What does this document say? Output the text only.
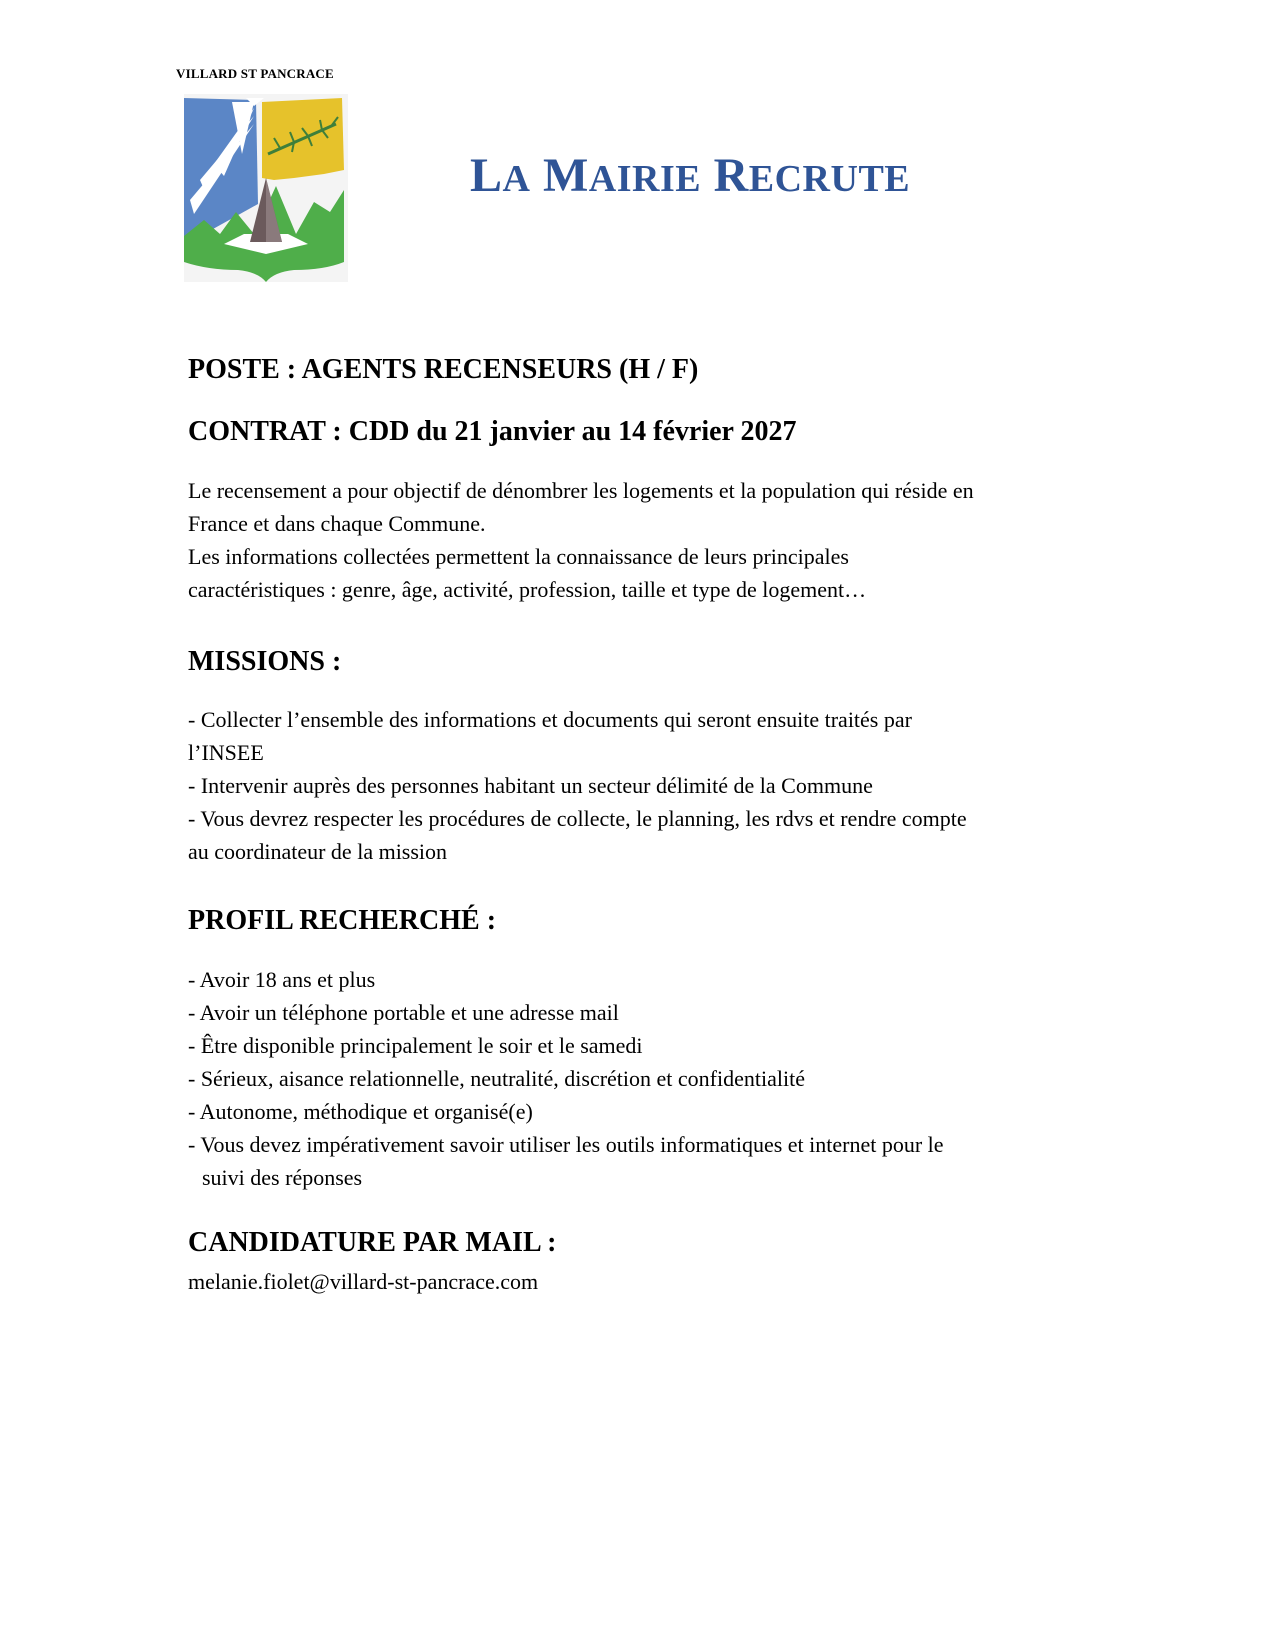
VILLARD ST PANCRACE
LA MAIRIE RECRUTE
POSTE : AGENTS RECENSEURS (H / F)
CONTRAT : CDD du 21 janvier au 14 février 2027
Le recensement a pour objectif de dénombrer les logements et la population qui réside en
France et dans chaque Commune.
Les informations collectées permettent la connaissance de leurs principales
caractéristiques : genre, âge, activité, profession, taille et type de logement…
MISSIONS :
- Collecter l’ensemble des informations et documents qui seront ensuite traités par
l’INSEE
- Intervenir auprès des personnes habitant un secteur délimité de la Commune
- Vous devrez respecter les procédures de collecte, le planning, les rdvs et rendre compte
au coordinateur de la mission
PROFIL RECHERCHÉ :
- Avoir 18 ans et plus
- Avoir un téléphone portable et une adresse mail
- Être disponible principalement le soir et le samedi
- Sérieux, aisance relationnelle, neutralité, discrétion et confidentialité
- Autonome, méthodique et organisé(e)
- Vous devez impérativement savoir utiliser les outils informatiques et internet pour le
suivi des réponses
CANDIDATURE PAR MAIL :
melanie.fiolet@villard-st-pancrace.com
